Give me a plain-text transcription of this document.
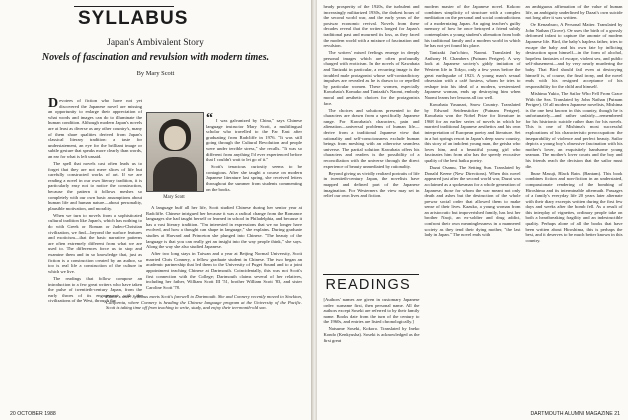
SYLLABUS
Japan's Ambivalent Story
Novels of fascination and revulsion with modern times.
By Mary Scott

Devotees of fiction who have not yet discovered the Japanese novel are missing an opportunity to enlarge their appreciation of what words and images can do to illuminate the human condition. Although modern Japan's novels are at least as diverse as any other country's, many of them share qualities derived from Japan's classical literary tradition: a taste for understatement, an eye for the brilliant image or subtle gesture that speaks more clearly than words, an ear for what is left unsaid.

The spell that novels cast often leads us to forget that they are not mere slices of life but carefully constructed works of art. If we are reading a novel in our own literary tradition, it is particularly easy not to notice the construction, because the pattern it follows meshes so completely with our own basic assumptions about human life and human nature—about personality, plausible motivation, and morality.

When we turn to novels from a sophisticated cultural tradition like Japan's, which has nothing to do with Greek or Roman or Judeo-Christian civilization, we find—beyond the surface features and exoticism—that the basic narrative patterns are often extremely different from what we are used to. The differences force us to stop and examine them and in so knowledge that, just as fiction is a construction created by an author, so too is real life a construction of the culture in which we live.

The readings that follow compose an introduction to a few great writers who have taken the pulse of twentieth-century Japan, from the early throes of its engagement with the civilizations of the West, through the

Mary Scott
“ I was galvanized by China," says Chinese language instructor Mary Scott, a multilingual scholar who travelled to the Far East after graduating from Radcliffe in 1976. "It was still going through the Cultural Revolution and people were under terrible stress," she recalls. "It was so different from anything I'd ever experienced before that I couldn't wait to let go of it."

Scott's tenacious curiosity seems to be contagious. After she taught a course on modern Japanese literature last spring, she received letters throughout the summer from students commenting on the books.

A language buff all her life, Scott studied Chinese during her senior year at Radcliffe. Chinese intrigued her because it was a radical change from the Romance languages she had taught herself or learned in school in Philadelphia, and because it has a vast literary tradition. "I'm interested in expressions that we no longer have evolved, and how a thought can shape in language," she explains. During graduate studies at Harvard and Princeton she plunged into Chinese. "The beauty of the language is that you can really get an insight into the way people think," she says. Along the way she also studied Japanese.

After two long stays in Taiwan and a year at Beijing Normal University, Scott married Chris Connery, a fellow graduate student in Chinese. The two began an academic partnership that led them to the University of Puget Sound and to a joint appointment teaching Chinese at Dartmouth. Coincidentally, this was not Scott's first connection with the College; Dartmouth claims several of her relatives, including her father, William Scott III '51, brother William Scott '83, and sister Caroline Scott '78.

Editor's note: Syllabus meets Scott's farewell to Dartmouth. She and Connery recently moved to Stockton, California, where Connery is heading the Chinese language program at the University of the Pacific. Scott is taking time off from teaching to write, study, and enjoy their ten-month-old son.
20 OCTOBER 1988

heady prosperity of the 1920s, the turbulent and increasingly militarized 1930s, the darkest hours of the second world war, and the early years of the postwar economic revival. Novels from these decades reveal that the writers longed for Japan's traditional past and mourned its loss, as they faced the modern world with a mixture of fascination and revulsion.

The writers' mixed feelings emerge in deeply personal images which are often profoundly charged with eroticism. In the novels of Kawabata and Tanizaki in particular, a recurring image is the troubled male protagonist whose self-contradictory impulses are revealed as he is drawn to or repelled by particular women. These women, especially Kawabata's Komako and Tanizaki's Naomi, embody moral and aesthetic choices for the protagonists face.

The choices and solutions presented to the characters are drawn from a specifically Japanese range. For Kawabata's characters, pain and alienation—universal problems of human life—derive from a traditional Japanese view that rationality and self-consciousness exclude human beings from meshing with an otherwise seamless universe. The partial solution Kawabata offers his characters and readers is the possibility of a reconciliation with the universe through the direct experience of beauty unmediated by rationality.

Beyond giving us vividly realized portraits of life in twentieth-century Japan, the novelists have mapped and defined part of the Japanese imagination. For Westerners the view may set in relief our own lives and fiction.

READINGS

[Authors' names are given in customary Japanese order: surname first, then personal name. All the authors except Soseki are referred to by their family name. Books date from the turn of the century to the 1960s, and entries are listed chronologically.]

Natsume Soseki, Kokoro. Translated by Ineko Kondo (Kenkyusha). Soseki is acknowledged as the first great

modern master of the Japanese novel. Kokoro combines simplicity of structure with a complex meditation on the personal and social contradictions of a modernizing Japan. An aging teacher's guilty memory of how he once betrayed a friend subtly contemplates a young student's alienation from both his traditional family and a modern world in which he has not yet found his place.

Tanizaki Jun'ichiro, Naomi. Translated by Anthony H. Chambers (Putnam Perigee). A wry look at Japanese society's giddy imitation of Western life in Tokyo, only a few years before the great earthquake of 1923. A young man's sexual obsession with a café hostess, whom he tries to reshape into his ideal of a modern, westernized Japanese woman, ends up destroying him when Naomi learns her lessons all too well.

Kawabata Yasunari, Snow Country. Translated by Edward Seidensticker (Putnam Perigee). Kawabata won the Nobel Prize for literature in 1968 for an earlier series of novels in which he married traditional Japanese aesthetics and his own interpretation of European poetry and literature. Set in a hot springs resort in Japan's deep snow country, this story of an indolent young man, the geisha who loves him, and a beautiful young girl who fascinates him from afar has the speedy evocative quality of the best haiku poetry.

Dazai Osamu, The Setting Sun. Translated by Donald Keene (New Directions). When this novel appeared just after the second world war, Dazai was acclaimed as a spokesman for a whole generation of Japanese, those for whom the war meant not only death and ashes but the destruction of the whole prewar social order that allowed them to make sense of their lives. Kazuko, a young woman from an aristocratic but impoverished family, has lost her brother Naoji, an ex-soldier and drug addict, confront their own meaninglessness in a mannered society as they tend their dying mother, "the last lady in Japan." The novel ends with

an ambiguous affirmation of the value of human life, an ambiguity underlined by Dazai's own suicide not long after it was written.

Oe Kenzaburo, A Personal Matter. Translated by John Nathan (Grove). Oe uses the birth of a grossly deformed infant to capture the anomie of modern Japanese life. Bird, the baby's hapless father, tries to escape the baby and his own fate by inflicting destruction upon himself—in the form of alcohol, hopeless fantasies of escape, violent sex, and public self-abasement—and by very nearly murdering the baby. That Bird should fail even at destroying himself is, of course, the final irony, and the novel ends with his resigned acceptance of his responsibility for the child and himself.

Mishima Yukio, The Sailor Who Fell From Grace With the Sea. Translated by John Nathan (Putnam Perigee). Of all modern Japanese novelists, Mishima is the one best known in this country, though he is unfortunately—and rather unfairly—remembered for his histrionic suicide rather than for his novels. This is one of Mishima's most successful explorations of his characteristic preoccupation: the inseparability of violence and perfect beauty. Sailor depicts a young boy's obsessive fascination with his mother's lover, an exquisitely handsome young seaman. The mother's lover courts and the boy and his friends reach the decision that the sailor must die.

Ibuse Masuji, Black Rain. (Bantam). This book combines fiction and non-fiction in an understated, compassionate rendering of the bombing of Hiroshima and its interminable aftermath. Passages of a family's everyday life 20 years later alternate with their diary excerpts written during the first few days and weeks after the bomb fell. As a result of this interplay of vignettes, ordinary people take on both a heartbreaking fragility and an indestructible quality. Perhaps alone of all the books that have been written about Hiroshima, this is perhaps the best, and it deserves to be much better known in this country.

DARTMOUTH ALUMNI MAGAZINE 21
